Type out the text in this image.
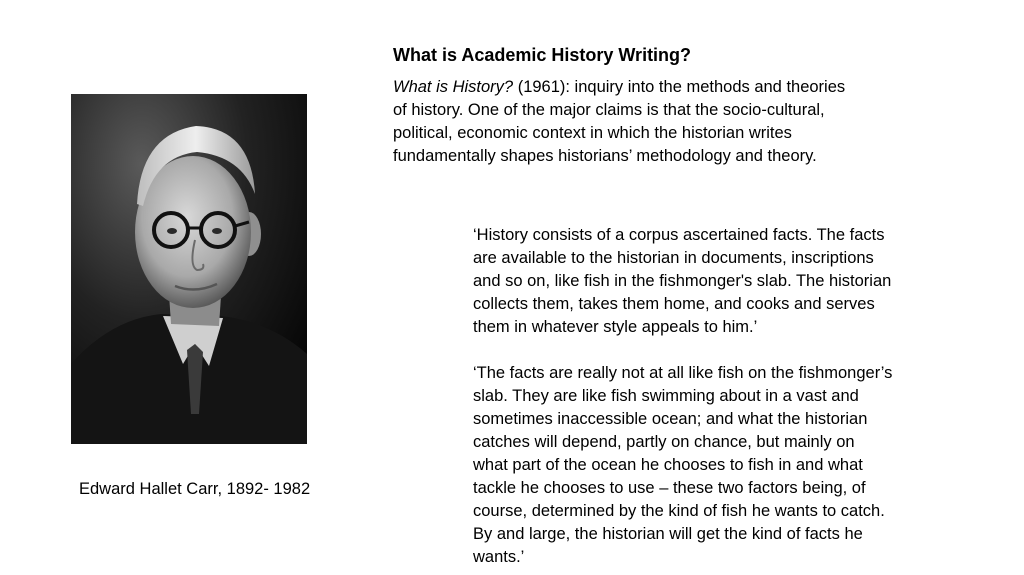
What is Academic History Writing?
What is History? (1961): inquiry into the methods and theories
of history. One of the major claims is that the socio-cultural,
political, economic context in which the historian writes
fundamentally shapes historians’ methodology and theory.
Edward Hallet Carr, 1892- 1982
‘History consists of a corpus ascertained facts. The facts
are available to the historian in documents, inscriptions
and so on, like fish in the fishmonger's slab. The historian
collects them, takes them home, and cooks and serves
them in whatever style appeals to him.’
‘The facts are really not at all like fish on the fishmonger’s
slab. They are like fish swimming about in a vast and
sometimes inaccessible ocean; and what the historian
catches will depend, partly on chance, but mainly on
what part of the ocean he chooses to fish in and what
tackle he chooses to use – these two factors being, of
course, determined by the kind of fish he wants to catch.
By and large, the historian will get the kind of facts he
wants.’
